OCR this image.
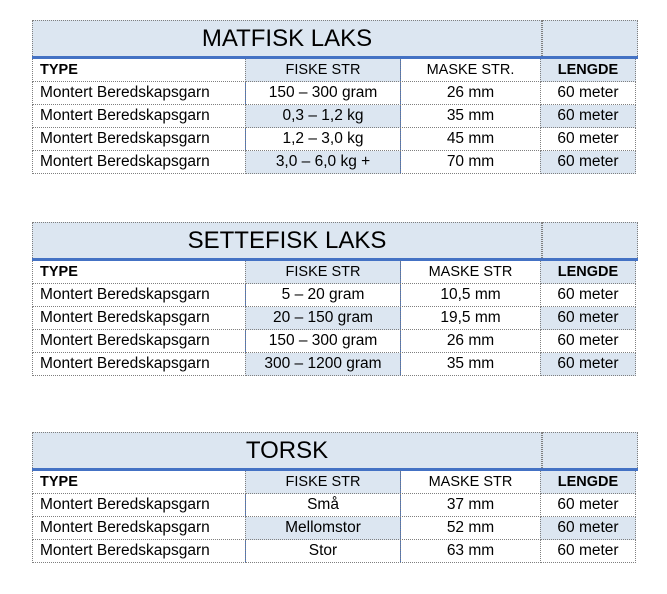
MATFISK LAKS
TYPE	FISKE STR	MASKE STR.	LENGDE
Montert Beredskapsgarn	150 – 300 gram	26 mm	60 meter
Montert Beredskapsgarn	0,3 – 1,2 kg	35 mm	60 meter
Montert Beredskapsgarn	1,2 – 3,0 kg	45 mm	60 meter
Montert Beredskapsgarn	3,0 – 6,0 kg +	70 mm	60 meter
SETTEFISK LAKS
TYPE	FISKE STR	MASKE STR	LENGDE
Montert Beredskapsgarn	5 – 20 gram	10,5 mm	60 meter
Montert Beredskapsgarn	20 – 150 gram	19,5 mm	60 meter
Montert Beredskapsgarn	150 – 300 gram	26 mm	60 meter
Montert Beredskapsgarn	300 – 1200 gram	35 mm	60 meter
TORSK
TYPE	FISKE STR	MASKE STR	LENGDE
Montert Beredskapsgarn	Små	37 mm	60 meter
Montert Beredskapsgarn	Mellomstor	52 mm	60 meter
Montert Beredskapsgarn	Stor	63 mm	60 meter
